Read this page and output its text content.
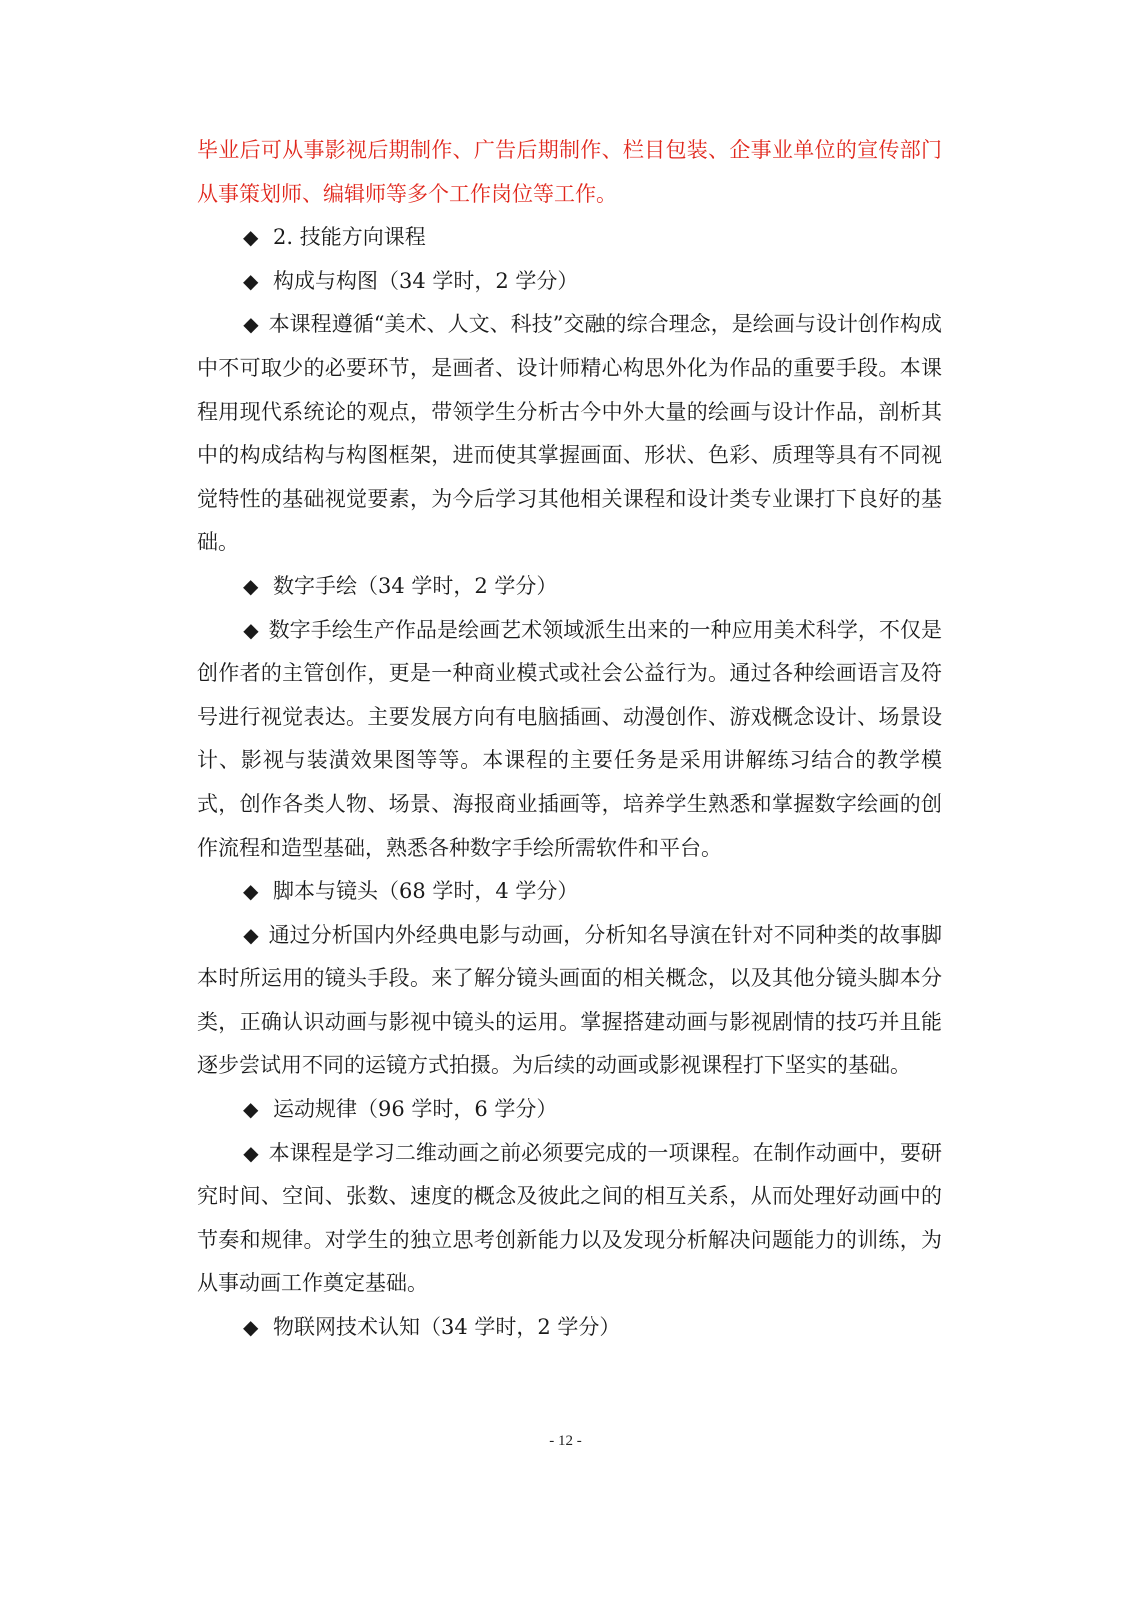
毕业后可从事影视后期制作、广告后期制作、栏目包装、企事业单位的宣传部门从事策划师、编辑师等多个工作岗位等工作。

◆ 2. 技能方向课程

◆ 构成与构图（34 学时，2 学分）

◆ 本课程遵循“美术、人文、科技”交融的综合理念，是绘画与设计创作构成中不可取少的必要环节，是画者、设计师精心构思外化为作品的重要手段。本课程用现代系统论的观点，带领学生分析古今中外大量的绘画与设计作品，剖析其中的构成结构与构图框架，进而使其掌握画面、形状、色彩、质理等具有不同视觉特性的基础视觉要素，为今后学习其他相关课程和设计类专业课打下良好的基础。

◆ 数字手绘（34 学时，2 学分）

◆ 数字手绘生产作品是绘画艺术领域派生出来的一种应用美术科学，不仅是创作者的主管创作，更是一种商业模式或社会公益行为。通过各种绘画语言及符号进行视觉表达。主要发展方向有电脑插画、动漫创作、游戏概念设计、场景设计、影视与装潢效果图等等。本课程的主要任务是采用讲解练习结合的教学模式，创作各类人物、场景、海报商业插画等，培养学生熟悉和掌握数字绘画的创作流程和造型基础，熟悉各种数字手绘所需软件和平台。

◆ 脚本与镜头（68 学时，4 学分）

◆ 通过分析国内外经典电影与动画，分析知名导演在针对不同种类的故事脚本时所运用的镜头手段。来了解分镜头画面的相关概念，以及其他分镜头脚本分类，正确认识动画与影视中镜头的运用。掌握搭建动画与影视剧情的技巧并且能逐步尝试用不同的运镜方式拍摄。为后续的动画或影视课程打下坚实的基础。

◆ 运动规律（96 学时，6 学分）

◆ 本课程是学习二维动画之前必须要完成的一项课程。在制作动画中，要研究时间、空间、张数、速度的概念及彼此之间的相互关系，从而处理好动画中的节奏和规律。对学生的独立思考创新能力以及发现分析解决问题能力的训练，为从事动画工作奠定基础。

◆ 物联网技术认知（34 学时，2 学分）

- 12 -
